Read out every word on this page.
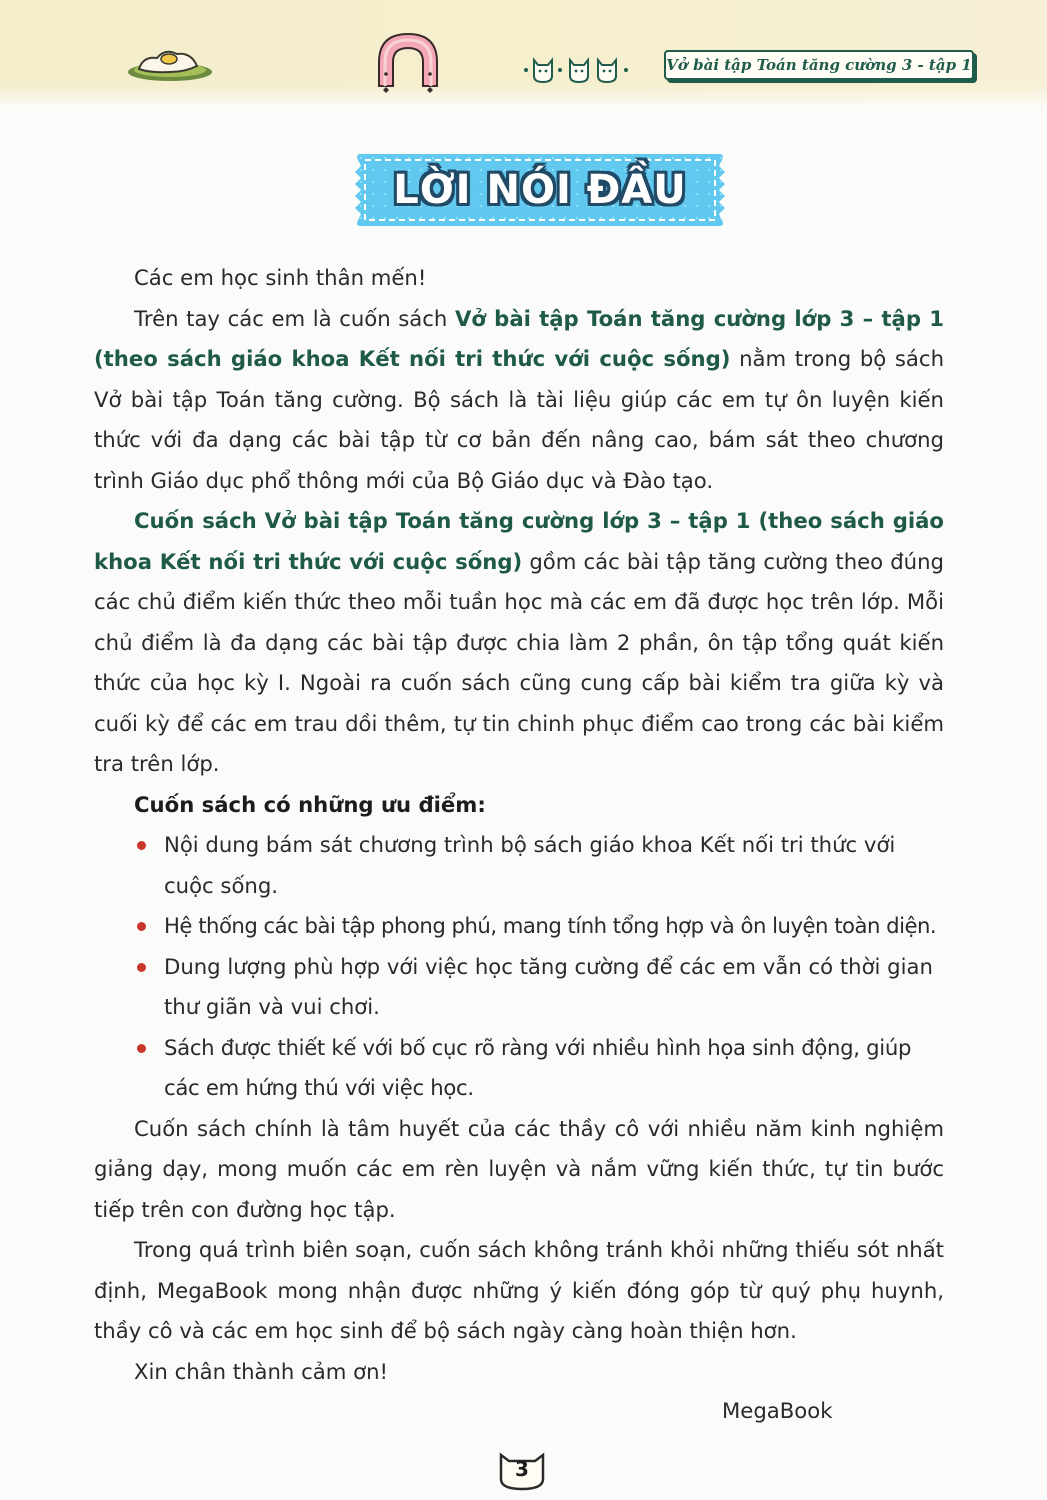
Vở bài tập Toán tăng cường 3 - tập 1
LỜI NÓI ĐẦU

Các em học sinh thân mến!

Trên tay các em là cuốn sách Vở bài tập Toán tăng cường lớp 3 – tập 1 (theo sách giáo khoa Kết nối tri thức với cuộc sống) nằm trong bộ sách Vở bài tập Toán tăng cường. Bộ sách là tài liệu giúp các em tự ôn luyện kiến thức với đa dạng các bài tập từ cơ bản đến nâng cao, bám sát theo chương trình Giáo dục phổ thông mới của Bộ Giáo dục và Đào tạo.

Cuốn sách Vở bài tập Toán tăng cường lớp 3 – tập 1 (theo sách giáo khoa Kết nối tri thức với cuộc sống) gồm các bài tập tăng cường theo đúng các chủ điểm kiến thức theo mỗi tuần học mà các em đã được học trên lớp. Mỗi chủ điểm là đa dạng các bài tập được chia làm 2 phần, ôn tập tổng quát kiến thức của học kỳ I. Ngoài ra cuốn sách cũng cung cấp bài kiểm tra giữa kỳ và cuối kỳ để các em trau dồi thêm, tự tin chinh phục điểm cao trong các bài kiểm tra trên lớp.

Cuốn sách có những ưu điểm:

Nội dung bám sát chương trình bộ sách giáo khoa Kết nối tri thức với cuộc sống.
Hệ thống các bài tập phong phú, mang tính tổng hợp và ôn luyện toàn diện.
Dung lượng phù hợp với việc học tăng cường để các em vẫn có thời gian thư giãn và vui chơi.
Sách được thiết kế với bố cục rõ ràng với nhiều hình họa sinh động, giúp các em hứng thú với việc học.

Cuốn sách chính là tâm huyết của các thầy cô với nhiều năm kinh nghiệm giảng dạy, mong muốn các em rèn luyện và nắm vững kiến thức, tự tin bước tiếp trên con đường học tập.

Trong quá trình biên soạn, cuốn sách không tránh khỏi những thiếu sót nhất định, MegaBook mong nhận được những ý kiến đóng góp từ quý phụ huynh, thầy cô và các em học sinh để bộ sách ngày càng hoàn thiện hơn.

Xin chân thành cảm ơn!

MegaBook
3
